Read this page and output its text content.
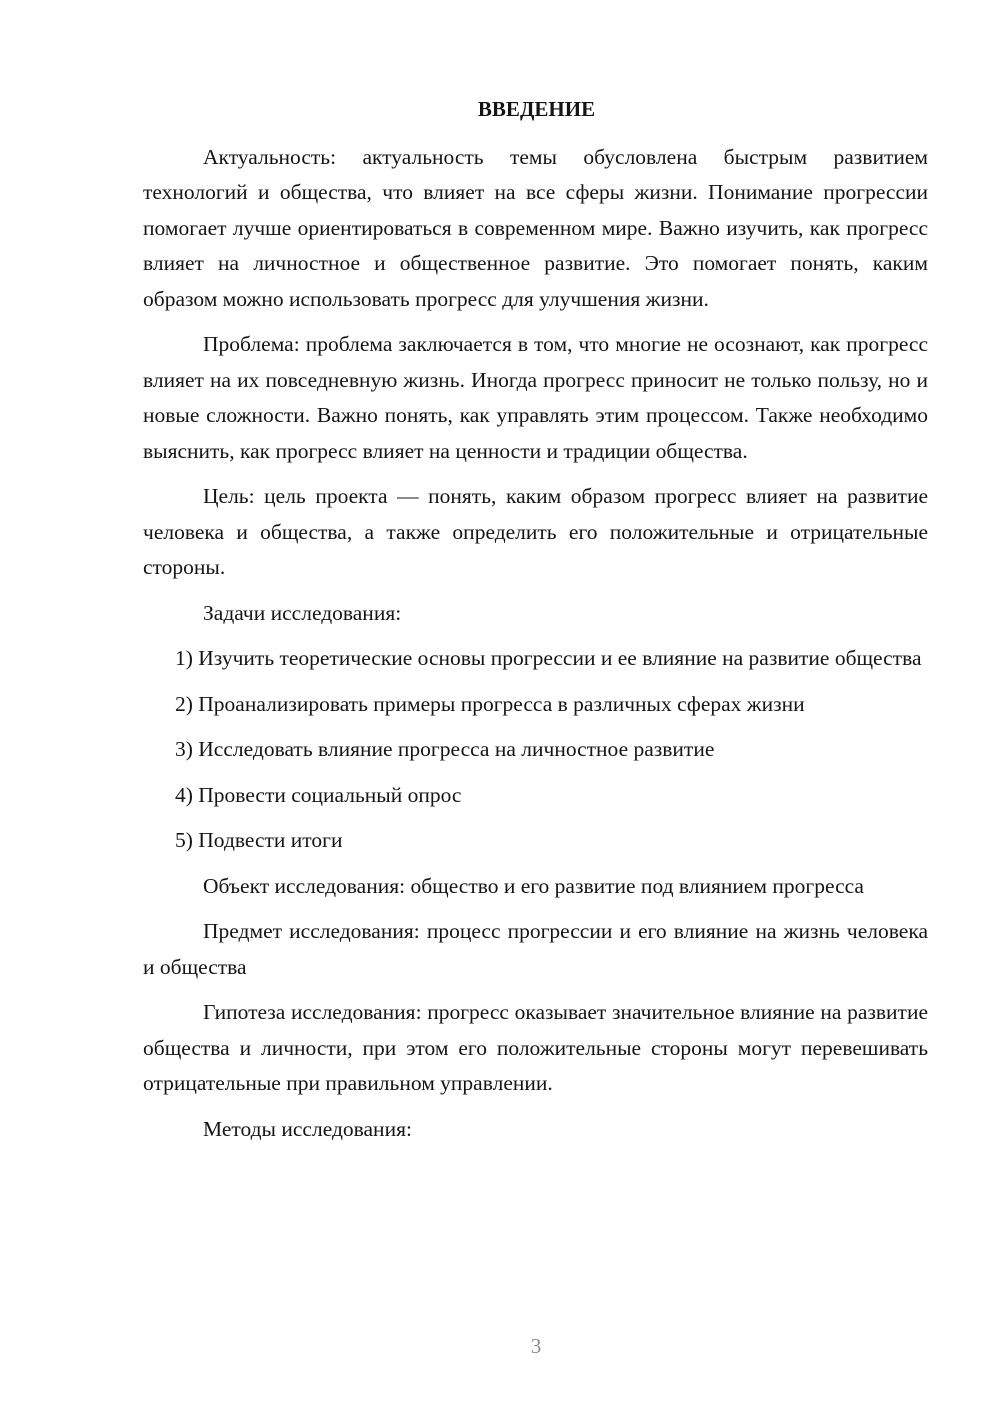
ВВЕДЕНИЕ

Актуальность: актуальность темы обусловлена быстрым развитием технологий и общества, что влияет на все сферы жизни. Понимание прогрессии помогает лучше ориентироваться в современном мире. Важно изучить, как прогресс влияет на личностное и общественное развитие. Это помогает понять, каким образом можно использовать прогресс для улучшения жизни.

Проблема: проблема заключается в том, что многие не осознают, как прогресс влияет на их повседневную жизнь. Иногда прогресс приносит не только пользу, но и новые сложности. Важно понять, как управлять этим процессом. Также необходимо выяснить, как прогресс влияет на ценности и традиции общества.

Цель: цель проекта — понять, каким образом прогресс влияет на развитие человека и общества, а также определить его положительные и отрицательные стороны.

Задачи исследования:

1) Изучить теоретические основы прогрессии и ее влияние на развитие общества

2) Проанализировать примеры прогресса в различных сферах жизни

3) Исследовать влияние прогресса на личностное развитие

4) Провести социальный опрос

5) Подвести итоги

Объект исследования: общество и его развитие под влиянием прогресса

Предмет исследования: процесс прогрессии и его влияние на жизнь человека и общества

Гипотеза исследования: прогресс оказывает значительное влияние на развитие общества и личности, при этом его положительные стороны могут перевешивать отрицательные при правильном управлении.

Методы исследования:

3
